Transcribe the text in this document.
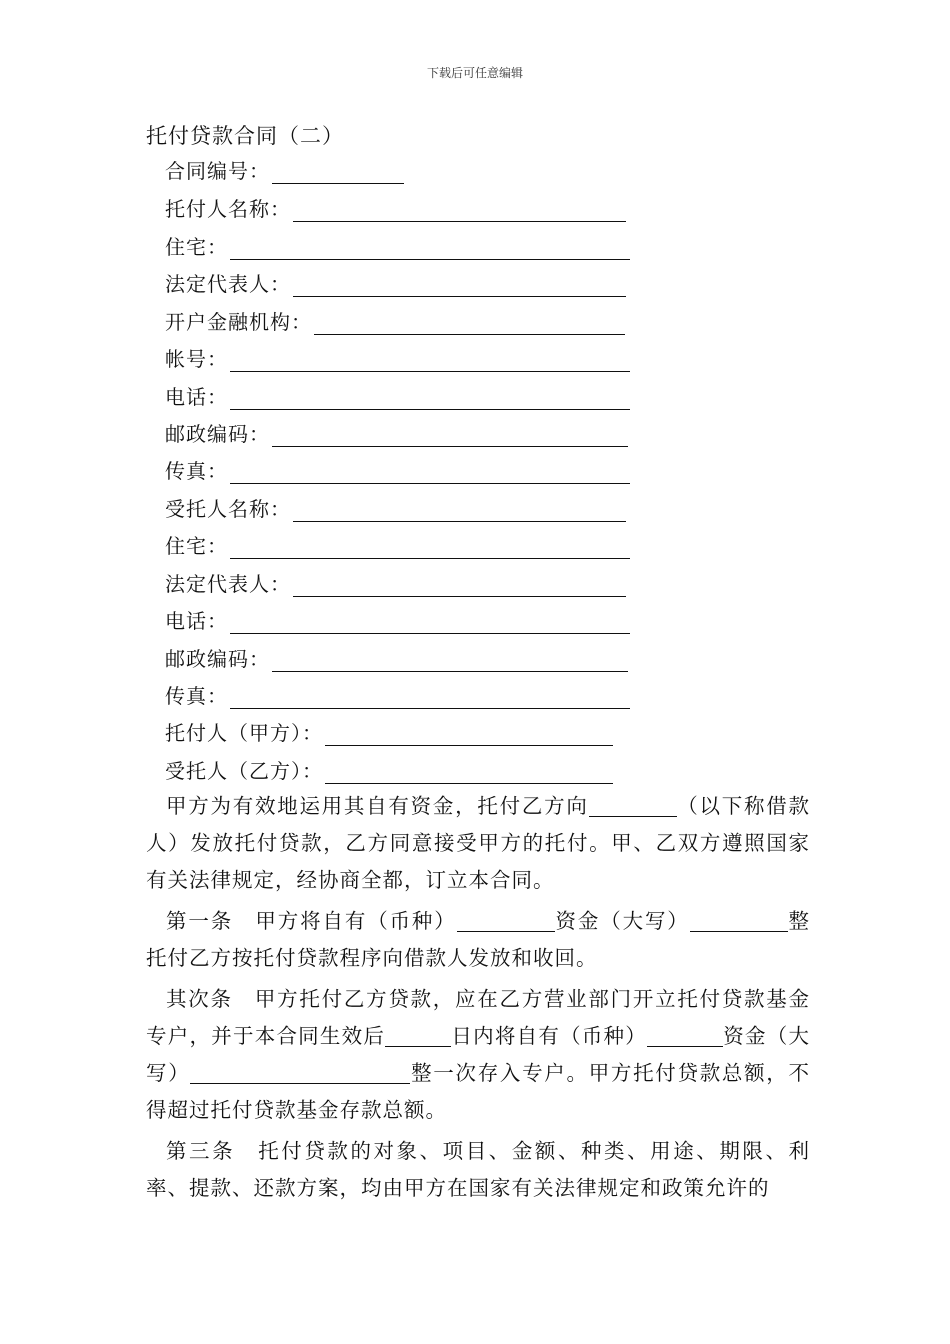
下载后可任意编辑
托付贷款合同（二）
合同编号：
托付人名称：
住宅：
法定代表人：
开户金融机构：
帐号：
电话：
邮政编码：
传真：
受托人名称：
住宅：
法定代表人：
电话：
邮政编码：
传真：
托付人（甲方）：
受托人（乙方）：

甲方为有效地运用其自有资金，托付乙方向	（以下称借款人）发放托付贷款，乙方同意接受甲方的托付。甲、乙双方遵照国家有关法律规定，经协商全都，订立本合同。

第一条　甲方将自有（币种）	资金（大写）	整托付乙方按托付贷款程序向借款人发放和收回。

其次条　甲方托付乙方贷款，应在乙方营业部门开立托付贷款基金专户，并于本合同生效后	日内将自有（币种）	资金（大写）	整一次存入专户。甲方托付贷款总额，不得超过托付贷款基金存款总额。

第三条　托付贷款的对象、项目、金额、种类、用途、期限、利率、提款、还款方案，均由甲方在国家有关法律规定和政策允许的
